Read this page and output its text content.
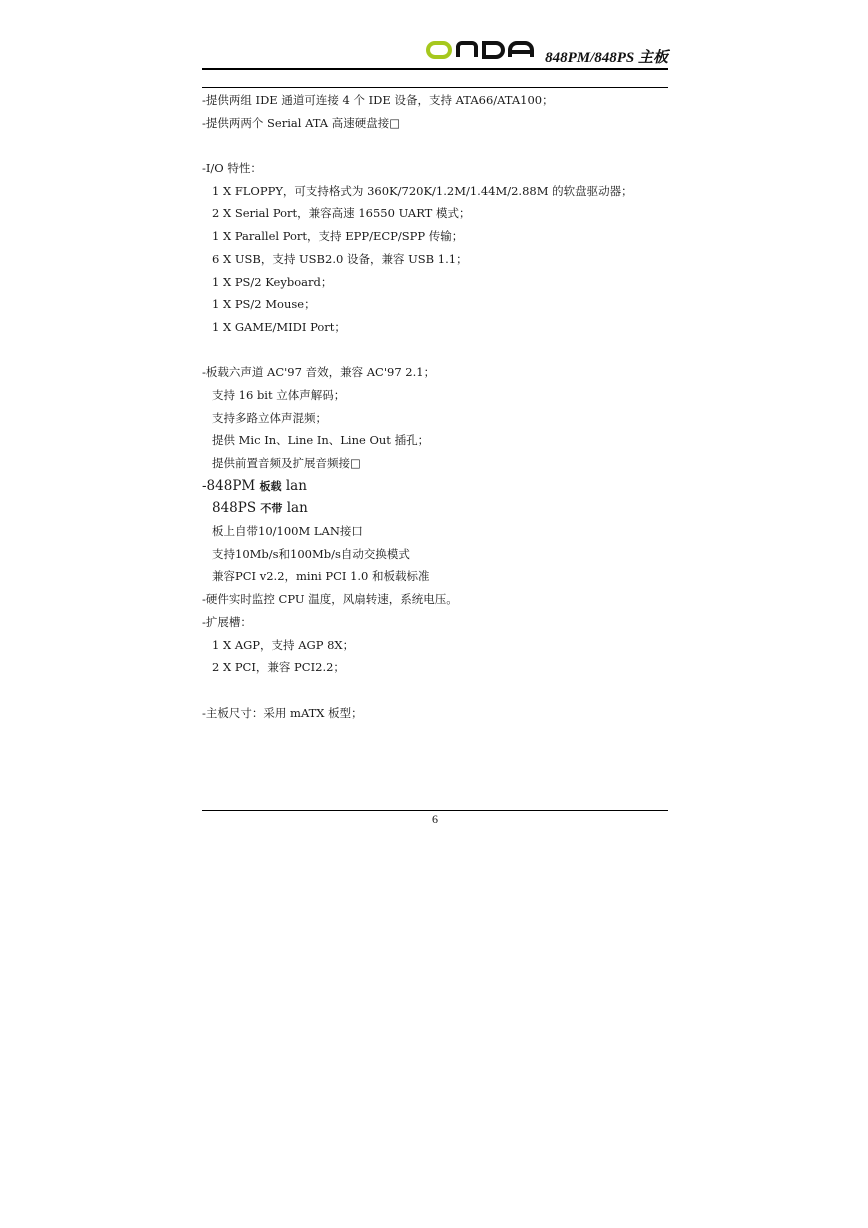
848PM/848PS 主板
-提供两组 IDE 通道可连接 4 个 IDE 设备，支持 ATA66/ATA100；
-提供两两个 Serial ATA 高速硬盘接□
-I/O 特性：
1 X FLOPPY，可支持格式为 360K/720K/1.2M/1.44M/2.88M 的软盘驱动器；
2 X Serial Port，兼容高速 16550 UART 模式；
1 X Parallel Port，支持 EPP/ECP/SPP 传输；
6 X USB，支持 USB2.0 设备，兼容 USB 1.1；
1 X PS/2 Keyboard；
1 X PS/2 Mouse；
1 X GAME/MIDI Port；
-板载六声道 AC'97 音效，兼容 AC'97 2.1；
支持 16 bit 立体声解码；
支持多路立体声混频；
提供 Mic In、Line In、Line Out 插孔；
提供前置音频及扩展音频接□
-848PM 板载 lan
848PS 不带 lan
板上自带10/100M LAN接口
支持10Mb/s和100Mb/s自动交换模式
兼容PCI v2.2，mini PCI 1.0 和板载标准
-硬件实时监控 CPU 温度，风扇转速，系统电压。
-扩展槽：
1 X AGP，支持 AGP 8X；
2 X PCI，兼容 PCI2.2；
-主板尺寸：采用 mATX 板型；
6
